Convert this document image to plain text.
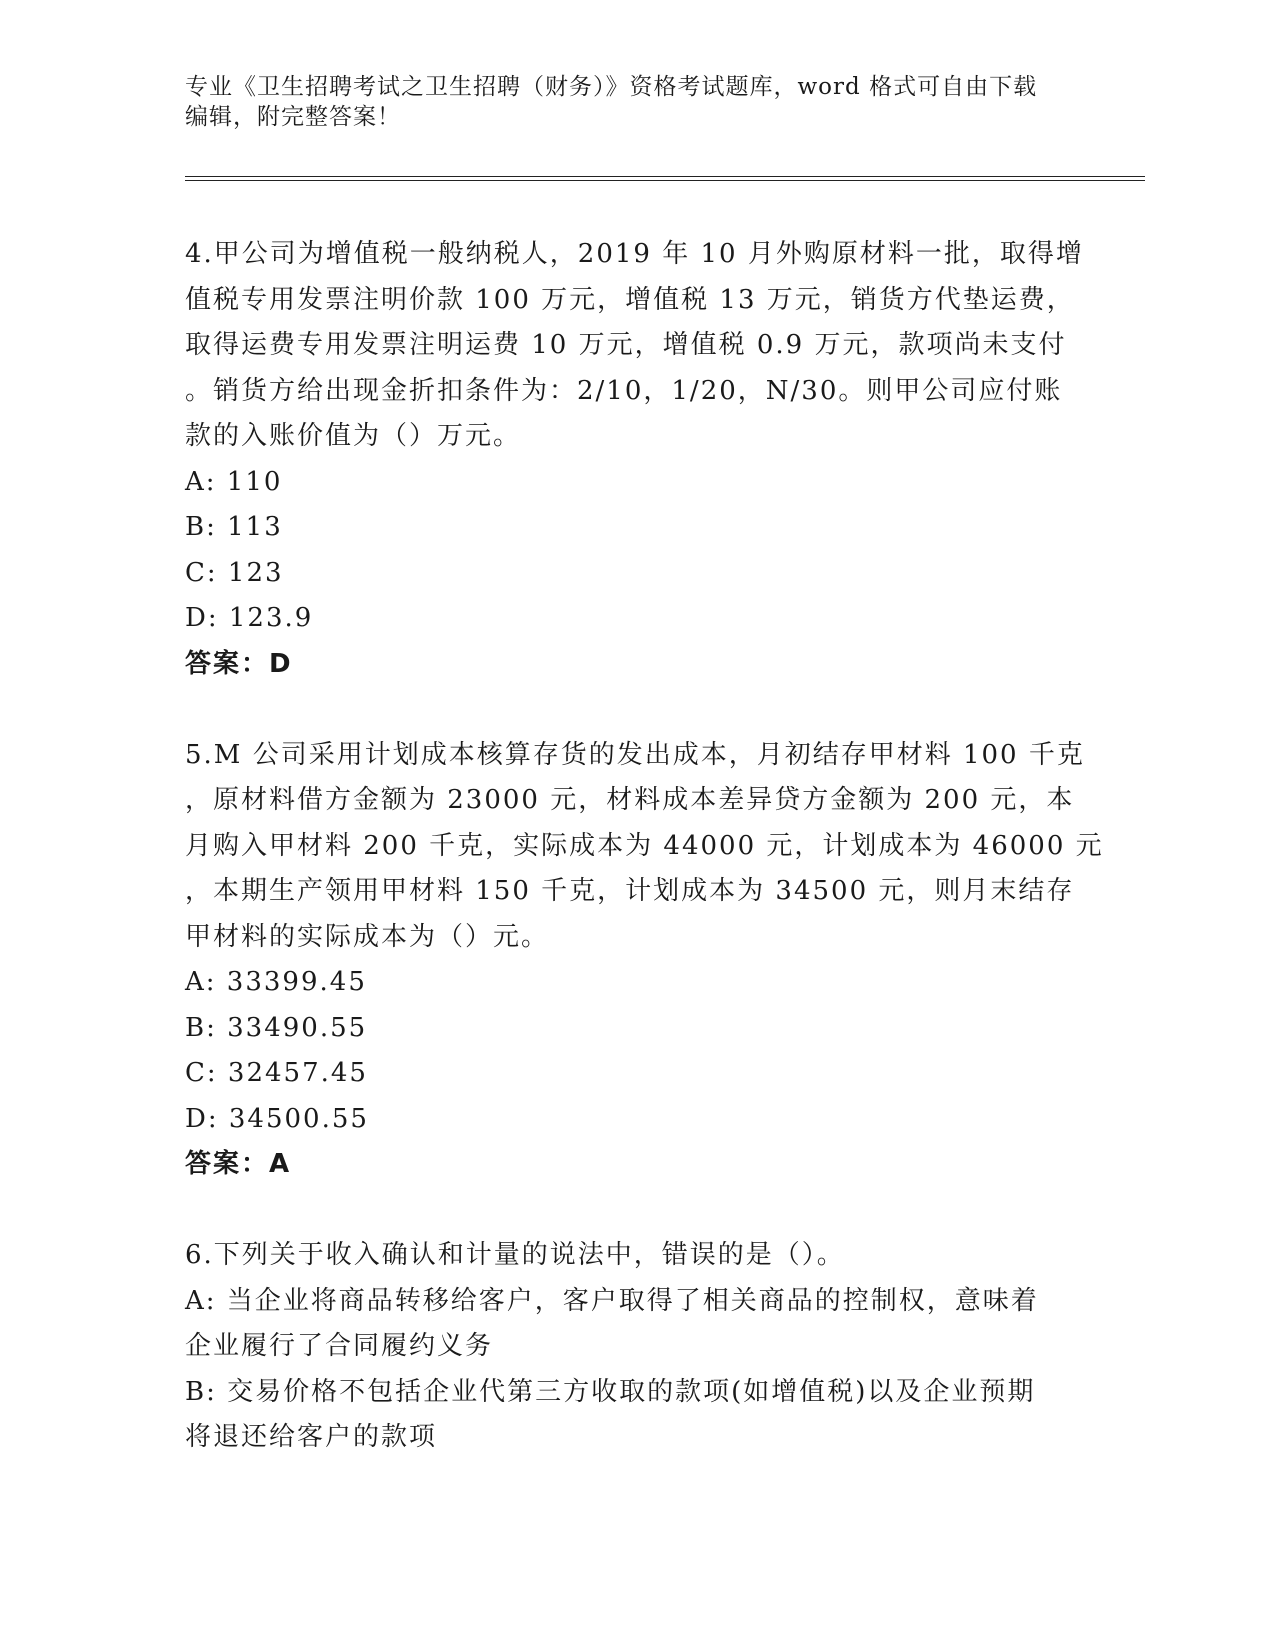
专业《卫生招聘考试之卫生招聘（财务）》资格考试题库，word 格式可自由下载
编辑，附完整答案！
4.甲公司为增值税一般纳税人，2019 年 10 月外购原材料一批，取得增
值税专用发票注明价款 100 万元，增值税 13 万元，销货方代垫运费，
取得运费专用发票注明运费 10 万元，增值税 0.9 万元，款项尚未支付
。销货方给出现金折扣条件为：2/10，1/20，N/30。则甲公司应付账
款的入账价值为（）万元。
A: 110
B: 113
C: 123
D: 123.9
答案：D
5.M 公司采用计划成本核算存货的发出成本，月初结存甲材料 100 千克
，原材料借方金额为 23000 元，材料成本差异贷方金额为 200 元，本
月购入甲材料 200 千克，实际成本为 44000 元，计划成本为 46000 元
，本期生产领用甲材料 150 千克，计划成本为 34500 元，则月末结存
甲材料的实际成本为（）元。
A: 33399.45
B: 33490.55
C: 32457.45
D: 34500.55
答案：A
6.下列关于收入确认和计量的说法中，错误的是（）。
A: 当企业将商品转移给客户，客户取得了相关商品的控制权，意味着
企业履行了合同履约义务
B: 交易价格不包括企业代第三方收取的款项(如增值税)以及企业预期
将退还给客户的款项
